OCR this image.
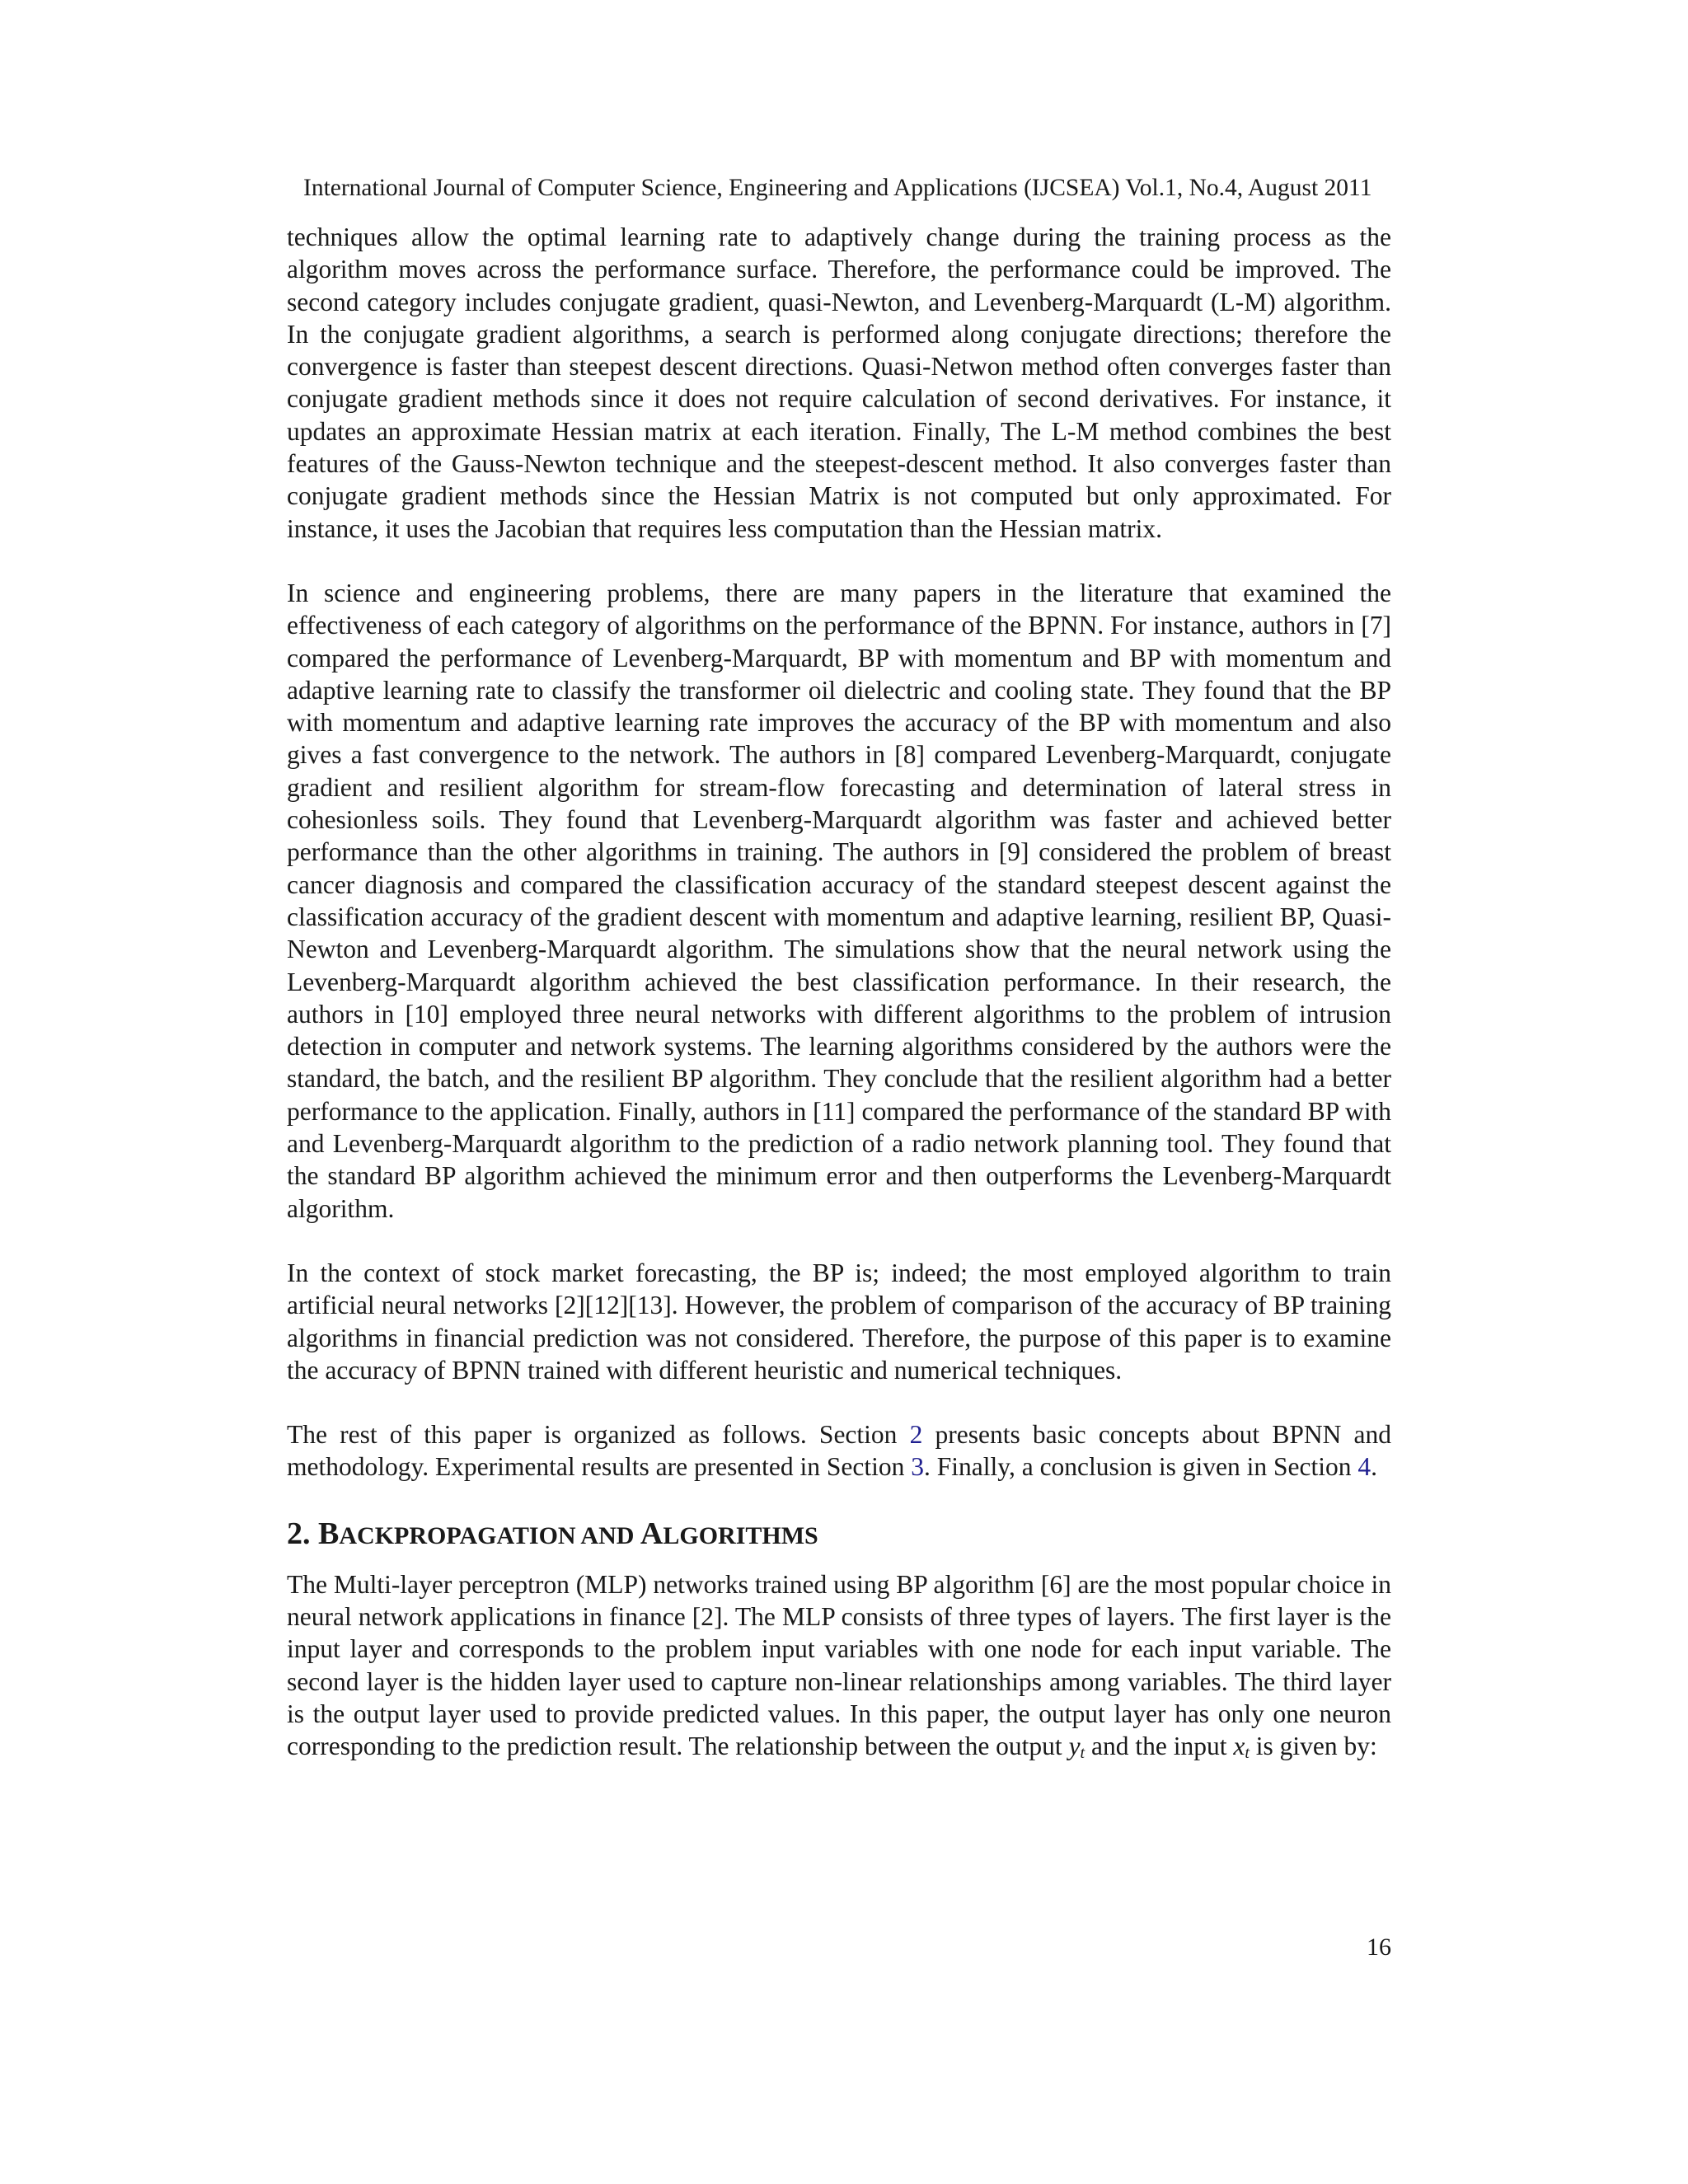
International Journal of Computer Science, Engineering and Applications (IJCSEA) Vol.1, No.4, August 2011

techniques allow the optimal learning rate to adaptively change during the training process as the algorithm moves across the performance surface. Therefore, the performance could be improved. The second category includes conjugate gradient, quasi-Newton, and Levenberg-Marquardt (L-M) algorithm. In the conjugate gradient algorithms, a search is performed along conjugate directions; therefore the convergence is faster than steepest descent directions. Quasi-Netwon method often converges faster than conjugate gradient methods since it does not require calculation of second derivatives. For instance, it updates an approximate Hessian matrix at each iteration. Finally, The L-M method combines the best features of the Gauss-Newton technique and the steepest-descent method. It also converges faster than conjugate gradient methods since the Hessian Matrix is not computed but only approximated. For instance, it uses the Jacobian that requires less computation than the Hessian matrix.

In science and engineering problems, there are many papers in the literature that examined the effectiveness of each category of algorithms on the performance of the BPNN. For instance, authors in [7] compared the performance of Levenberg-Marquardt, BP with momentum and BP with momentum and adaptive learning rate to classify the transformer oil dielectric and cooling state. They found that the BP with momentum and adaptive learning rate improves the accuracy of the BP with momentum and also gives a fast convergence to the network. The authors in [8] compared Levenberg-Marquardt, conjugate gradient and resilient algorithm for stream-flow forecasting and determination of lateral stress in cohesionless soils. They found that Levenberg-Marquardt algorithm was faster and achieved better performance than the other algorithms in training. The authors in [9] considered the problem of breast cancer diagnosis and compared the classification accuracy of the standard steepest descent against the classification accuracy of the gradient descent with momentum and adaptive learning, resilient BP, Quasi-Newton and Levenberg-Marquardt algorithm. The simulations show that the neural network using the Levenberg-Marquardt algorithm achieved the best classification performance. In their research, the authors in [10] employed three neural networks with different algorithms to the problem of intrusion detection in computer and network systems. The learning algorithms considered by the authors were the standard, the batch, and the resilient BP algorithm. They conclude that the resilient algorithm had a better performance to the application. Finally, authors in [11] compared the performance of the standard BP with and Levenberg-Marquardt algorithm to the prediction of a radio network planning tool. They found that the standard BP algorithm achieved the minimum error and then outperforms the Levenberg-Marquardt algorithm.

In the context of stock market forecasting, the BP is; indeed; the most employed algorithm to train artificial neural networks [2][12][13]. However, the problem of comparison of the accuracy of BP training algorithms in financial prediction was not considered. Therefore, the purpose of this paper is to examine the accuracy of BPNN trained with different heuristic and numerical techniques.

The rest of this paper is organized as follows. Section 2 presents basic concepts about BPNN and methodology. Experimental results are presented in Section 3. Finally, a conclusion is given in Section 4.

2. BACKPROPAGATION AND ALGORITHMS

The Multi-layer perceptron (MLP) networks trained using BP algorithm [6] are the most popular choice in neural network applications in finance [2]. The MLP consists of three types of layers. The first layer is the input layer and corresponds to the problem input variables with one node for each input variable. The second layer is the hidden layer used to capture non-linear relationships among variables. The third layer is the output layer used to provide predicted values. In this paper, the output layer has only one neuron corresponding to the prediction result. The relationship between the output $y_t$ and the input $x_t$ is given by:

16
